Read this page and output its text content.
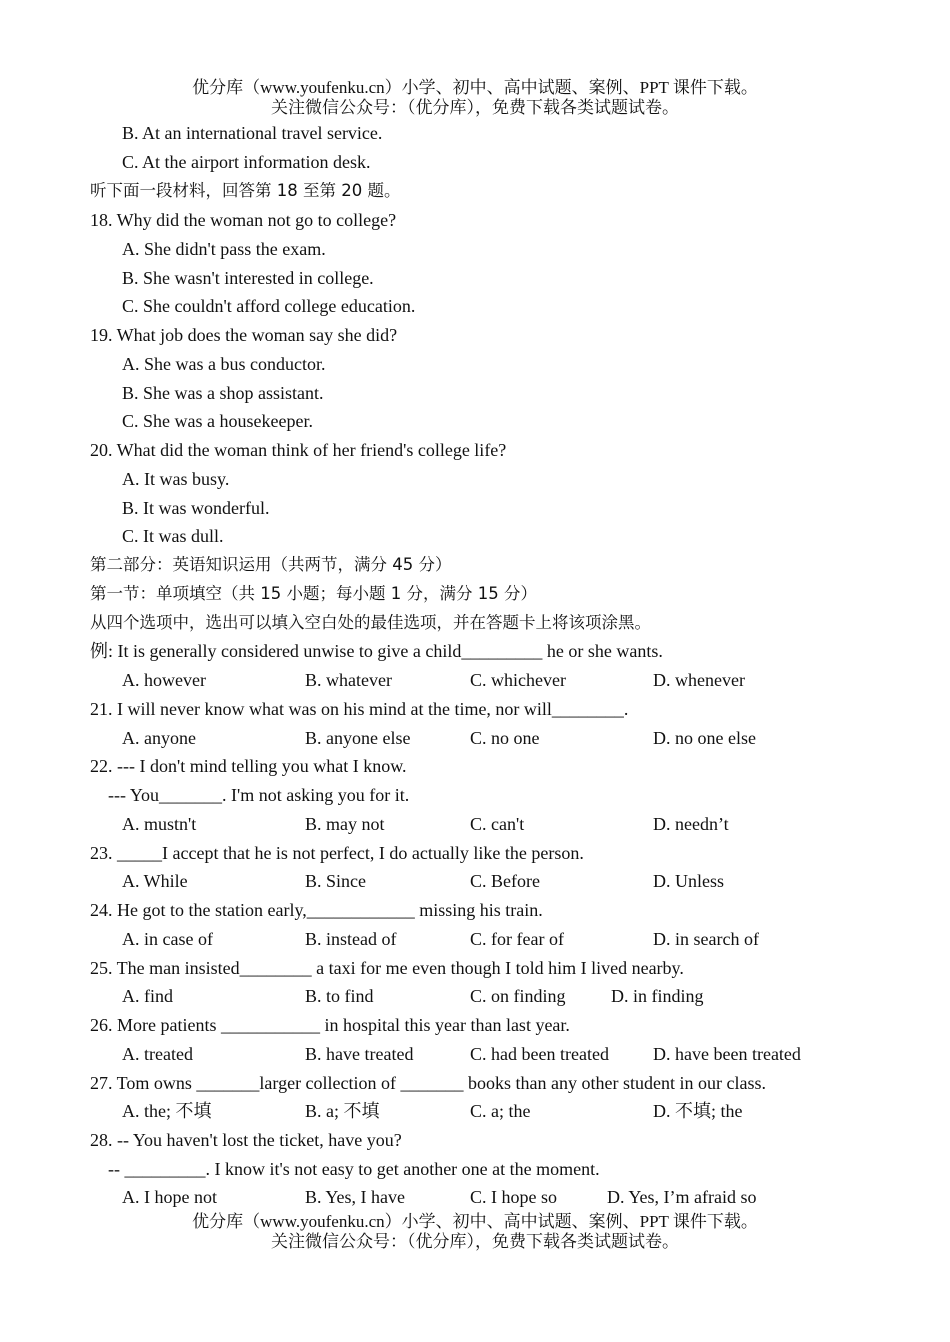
优分库（www.youfenku.cn）小学、初中、高中试题、案例、PPT 课件下载。
关注微信公众号：（优分库），免费下载各类试题试卷。
B. At an international travel service.
C. At the airport information desk.
听下面一段材料，回答第 18 至第 20 题。
18. Why did the woman not go to college?
A. She didn't pass the exam.
B. She wasn't interested in college.
C. She couldn't afford college education.
19. What job does the woman say she did?
A. She was a bus conductor.
B. She was a shop assistant.
C. She was a housekeeper.
20. What did the woman think of her friend's college life?
A. It was busy.
B. It was wonderful.
C. It was dull.
第二部分：英语知识运用（共两节，满分 45 分）
第一节：单项填空（共 15 小题；每小题 1 分，满分 15 分）
从四个选项中，选出可以填入空白处的最佳选项，并在答题卡上将该项涂黑。
例: It is generally considered unwise to give a child_________ he or she wants.
A. however	B. whatever	C. whichever	D. whenever
21. I will never know what was on his mind at the time, nor will________.
A. anyone	B. anyone else	C. no one	D. no one else
22. --- I don't mind telling you what I know.
--- You_______. I'm not asking you for it.
A. mustn't	B. may not	C. can't	D. needn’t
23. _____I accept that he is not perfect, I do actually like the person.
A. While	B. Since	C. Before	D. Unless
24. He got to the station early,____________ missing his train.
A. in case of	B. instead of	C. for fear of	D. in search of
25. The man insisted________ a taxi for me even though I told him I lived nearby.
A. find	B. to find	C. on finding	D. in finding
26. More patients ___________ in hospital this year than last year.
A. treated	B. have treated	C. had been treated D. have been treated
27. Tom owns _______larger collection of _______ books than any other student in our class.
A. the; 不填	B. a; 不填	C. a; the	D. 不填; the
28. -- You haven't lost the ticket, have you?
-- _________. I know it's not easy to get another one at the moment.
A. I hope not	B. Yes, I have	C. I hope so	D. Yes, I’m afraid so
优分库（www.youfenku.cn）小学、初中、高中试题、案例、PPT 课件下载。
关注微信公众号：（优分库），免费下载各类试题试卷。
